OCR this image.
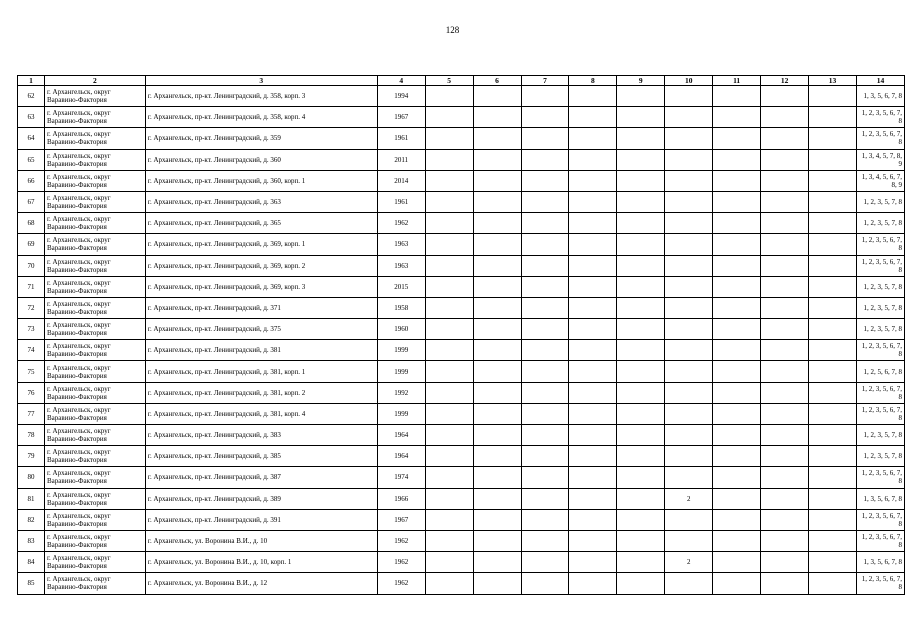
128
1	2	3	4	5	6	7	8	9	10	11	12	13	14
62	г. Архангельск, округ Варавино-Фактория	г. Архангельск, пр-кт. Ленинградский, д. 358, корп. 3	1994										1, 3, 5, 6, 7, 8
63	г. Архангельск, округ Варавино-Фактория	г. Архангельск, пр-кт. Ленинградский, д. 358, корп. 4	1967										1, 2, 3, 5, 6, 7, 8
64	г. Архангельск, округ Варавино-Фактория	г. Архангельск, пр-кт. Ленинградский, д. 359	1961										1, 2, 3, 5, 6, 7, 8
65	г. Архангельск, округ Варавино-Фактория	г. Архангельск, пр-кт. Ленинградский, д. 360	2011										1, 3, 4, 5, 7, 8, 9
66	г. Архангельск, округ Варавино-Фактория	г. Архангельск, пр-кт. Ленинградский, д. 360, корп. 1	2014										1, 3, 4, 5, 6, 7, 8, 9
67	г. Архангельск, округ Варавино-Фактория	г. Архангельск, пр-кт. Ленинградский, д. 363	1961										1, 2, 3, 5, 7, 8
68	г. Архангельск, округ Варавино-Фактория	г. Архангельск, пр-кт. Ленинградский, д. 365	1962										1, 2, 3, 5, 7, 8
69	г. Архангельск, округ Варавино-Фактория	г. Архангельск, пр-кт. Ленинградский, д. 369, корп. 1	1963										1, 2, 3, 5, 6, 7, 8
70	г. Архангельск, округ Варавино-Фактория	г. Архангельск, пр-кт. Ленинградский, д. 369, корп. 2	1963										1, 2, 3, 5, 6, 7, 8
71	г. Архангельск, округ Варавино-Фактория	г. Архангельск, пр-кт. Ленинградский, д. 369, корп. 3	2015										1, 2, 3, 5, 7, 8
72	г. Архангельск, округ Варавино-Фактория	г. Архангельск, пр-кт. Ленинградский, д. 371	1958										1, 2, 3, 5, 7, 8
73	г. Архангельск, округ Варавино-Фактория	г. Архангельск, пр-кт. Ленинградский, д. 375	1960										1, 2, 3, 5, 7, 8
74	г. Архангельск, округ Варавино-Фактория	г. Архангельск, пр-кт. Ленинградский, д. 381	1999										1, 2, 3, 5, 6, 7, 8
75	г. Архангельск, округ Варавино-Фактория	г. Архангельск, пр-кт. Ленинградский, д. 381, корп. 1	1999										1, 2, 5, 6, 7, 8
76	г. Архангельск, округ Варавино-Фактория	г. Архангельск, пр-кт. Ленинградский, д. 381, корп. 2	1992										1, 2, 3, 5, 6, 7, 8
77	г. Архангельск, округ Варавино-Фактория	г. Архангельск, пр-кт. Ленинградский, д. 381, корп. 4	1999										1, 2, 3, 5, 6, 7, 8
78	г. Архангельск, округ Варавино-Фактория	г. Архангельск, пр-кт. Ленинградский, д. 383	1964										1, 2, 3, 5, 7, 8
79	г. Архангельск, округ Варавино-Фактория	г. Архангельск, пр-кт. Ленинградский, д. 385	1964										1, 2, 3, 5, 7, 8
80	г. Архангельск, округ Варавино-Фактория	г. Архангельск, пр-кт. Ленинградский, д. 387	1974										1, 2, 3, 5, 6, 7, 8
81	г. Архангельск, округ Варавино-Фактория	г. Архангельск, пр-кт. Ленинградский, д. 389	1966						2				1, 3, 5, 6, 7, 8
82	г. Архангельск, округ Варавино-Фактория	г. Архангельск, пр-кт. Ленинградский, д. 391	1967										1, 2, 3, 5, 6, 7, 8
83	г. Архангельск, округ Варавино-Фактория	г. Архангельск, ул. Воронина В.И., д. 10	1962										1, 2, 3, 5, 6, 7, 8
84	г. Архангельск, округ Варавино-Фактория	г. Архангельск, ул. Воронина В.И., д. 10, корп. 1	1962						2				1, 3, 5, 6, 7, 8
85	г. Архангельск, округ Варавино-Фактория	г. Архангельск, ул. Воронина В.И., д. 12	1962										1, 2, 3, 5, 6, 7, 8
